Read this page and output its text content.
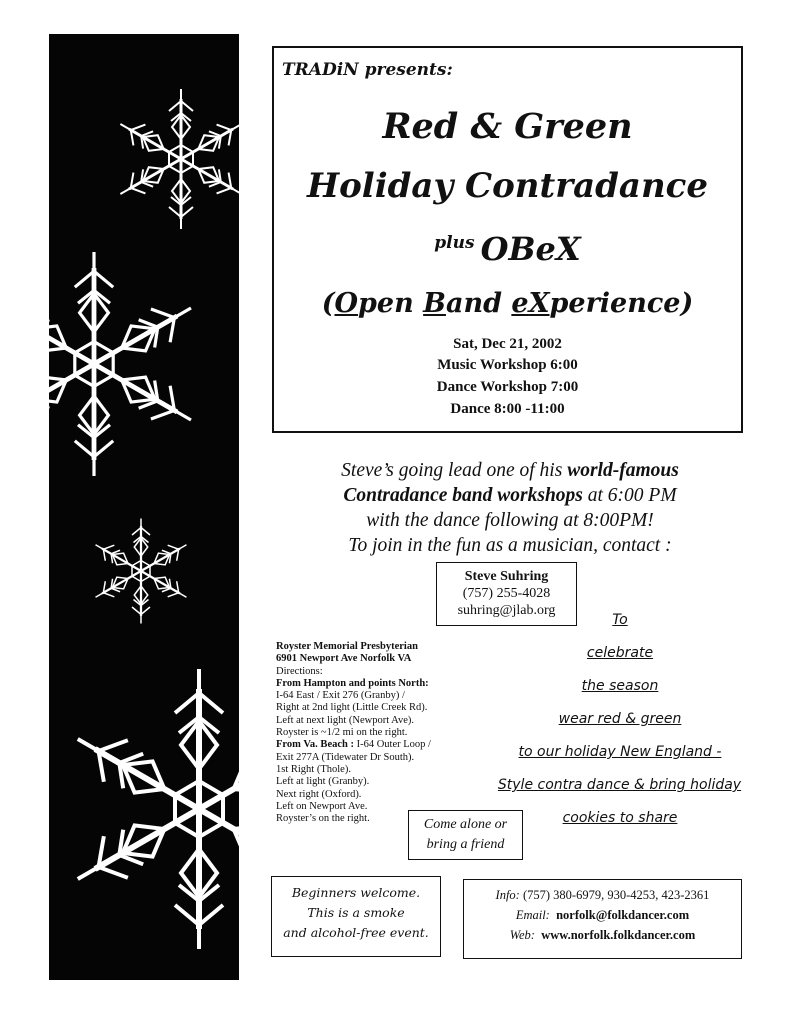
TRADiN presents:
Red & Green
Holiday Contradance
$^{plus}$ OBeX
(Open Band eXperience)
Sat, Dec 21, 2002
Music Workshop 6:00
Dance Workshop 7:00
Dance 8:00 -11:00
Steve’s going lead one of his world-famous
Contradance band workshops at 6:00 PM
with the dance following at 8:00PM!
To join in the fun as a musician, contact :
Steve Suhring
(757) 255-4028
suhring@jlab.org
Royster Memorial Presbyterian
6901 Newport Ave Norfolk VA
Directions:
From Hampton and points North:
I-64 East / Exit 276 (Granby) /
Right at 2nd light (Little Creek Rd).
Left at next light (Newport Ave).
Royster is ~1/2 mi on the right.
From Va. Beach : I-64 Outer Loop /
Exit 277A (Tidewater Dr South).
1st Right (Thole).
Left at light (Granby).
Next right (Oxford).
Left on Newport Ave.
Royster’s on the right.
To
celebrate
the season
wear red & green
to our holiday New England -
Style contra dance & bring holiday
cookies to share
Come alone or
bring a friend
Beginners welcome.
This is a smoke
and alcohol-free event.
Info: (757) 380-6979, 930-4253, 423-2361
Email: norfolk@folkdancer.com
Web: www.norfolk.folkdancer.com
